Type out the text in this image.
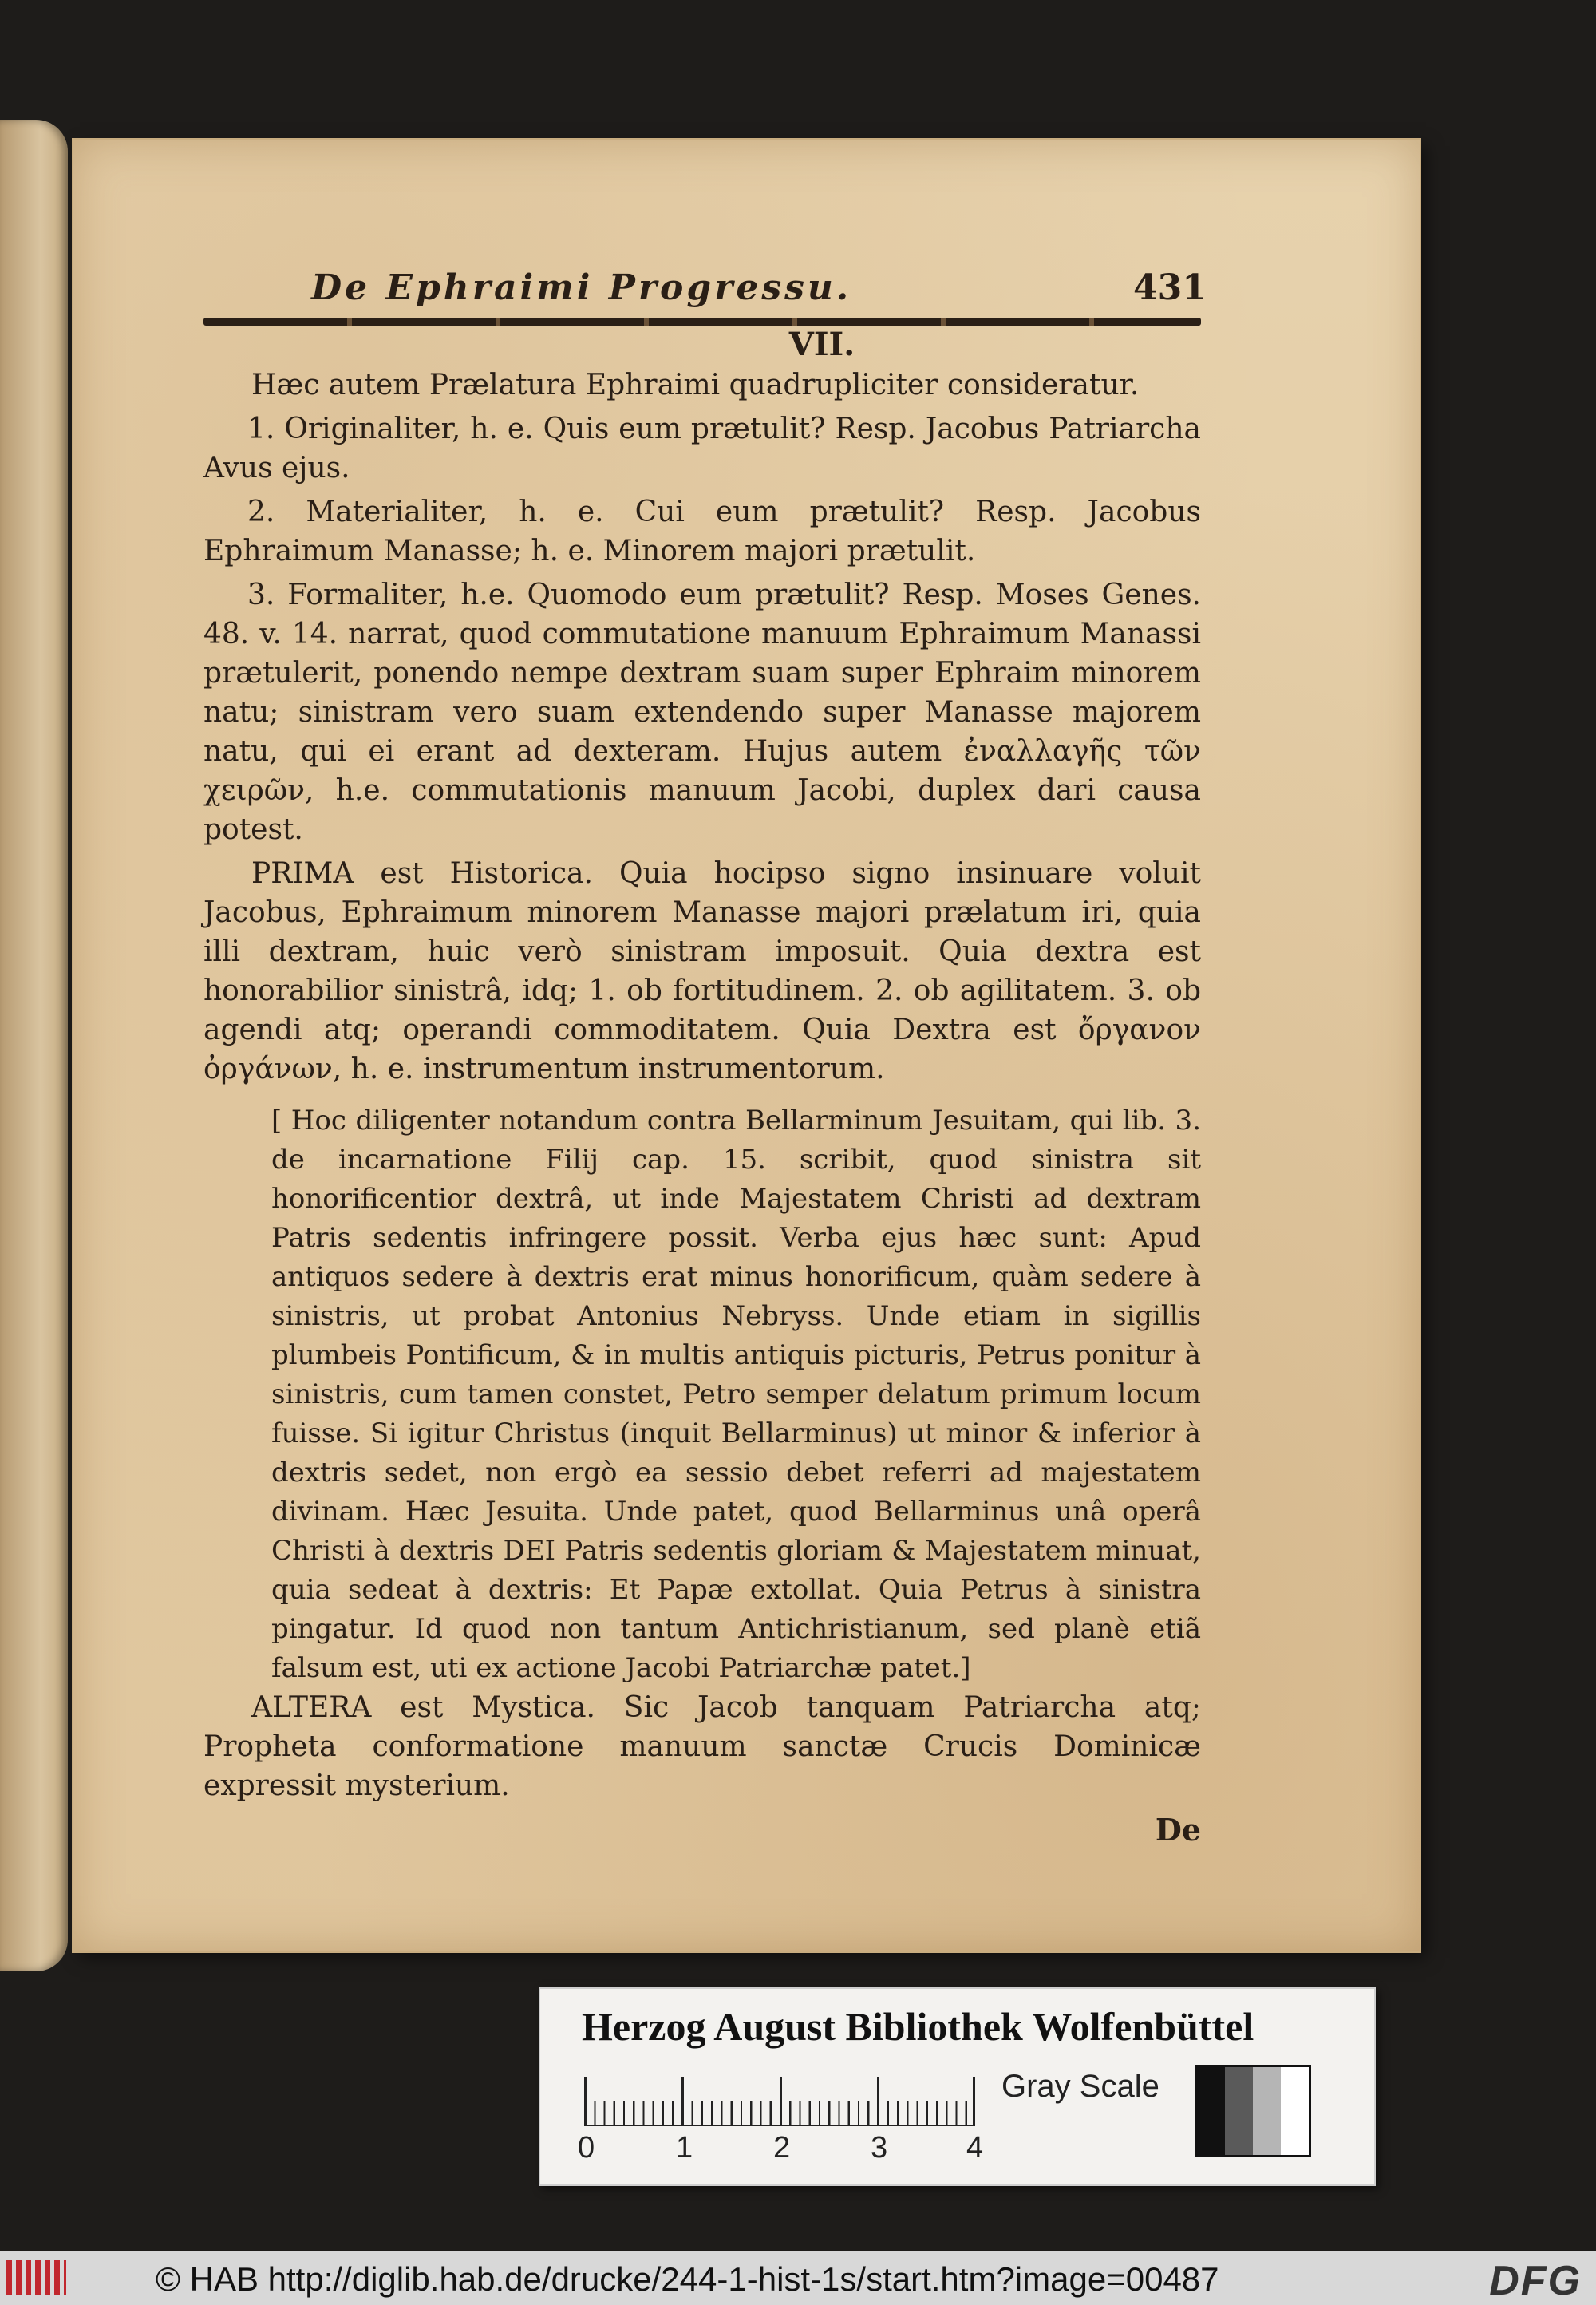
De Ephraimi Progressu.	431
VII.

Hæc autem Prælatura Ephraimi quadrupliciter consideratur.

1. Originaliter, h. e. Quis eum prætulit? Resp. Jacobus Patriarcha Avus ejus.

2. Materialiter, h. e. Cui eum prætulit? Resp. Jacobus Ephraimum Manasse; h. e. Minorem majori prætulit.

3. Formaliter, h.e. Quomodo eum prætulit? Resp. Moses Genes. 48. v. 14. narrat, quod commutatione manuum Ephraimum Manassi prætulerit, ponendo nempe dextram suam super Ephraim minorem natu; sinistram vero suam extendendo super Manasse majorem natu, qui ei erant ad dexteram. Hujus autem ἐναλλαγῆς τῶν χειρῶν, h.e. commutationis manuum Jacobi, duplex dari causa potest.

PRIMA est Historica. Quia hocipso signo insinuare voluit Jacobus, Ephraimum minorem Manasse majori prælatum iri, quia illi dextram, huic verò sinistram imposuit. Quia dextra est honorabilior sinistrâ, idq; 1. ob fortitudinem. 2. ob agilitatem. 3. ob agendi atq; operandi commoditatem. Quia Dextra est ὄργανον ὀργάνων, h. e. instrumentum instrumentorum.

[ Hoc diligenter notandum contra Bellarminum Jesuitam, qui lib. 3. de incarnatione Filij cap. 15. scribit, quod sinistra sit honorificentior dextrâ, ut inde Majestatem Christi ad dextram Patris sedentis infringere possit. Verba ejus hæc sunt: Apud antiquos sedere à dextris erat minus honorificum, quàm sedere à sinistris, ut probat Antonius Nebryss. Unde etiam in sigillis plumbeis Pontificum, & in multis antiquis picturis, Petrus ponitur à sinistris, cum tamen constet, Petro semper delatum primum locum fuisse. Si igitur Christus (inquit Bellarminus) ut minor & inferior à dextris sedet, non ergò ea sessio debet referri ad majestatem divinam. Hæc Jesuita. Unde patet, quod Bellarminus unâ operâ Christi à dextris DEI Patris sedentis gloriam & Majestatem minuat, quia sedeat à dextris: Et Papæ extollat. Quia Petrus à sinistra pingatur. Id quod non tantum Antichristianum, sed planè etiã falsum est, uti ex actione Jacobi Patriarchæ patet.]

ALTERA est Mystica. Sic Jacob tanquam Patriarcha atq; Propheta conformatione manuum sanctæ Crucis Dominicæ expressit mysterium.

De

Herzog August Bibliothek Wolfenbüttel
0	1	2	3	4
Gray Scale
© HAB http://diglib.hab.de/drucke/244-1-hist-1s/start.htm?image=00487	DFG
